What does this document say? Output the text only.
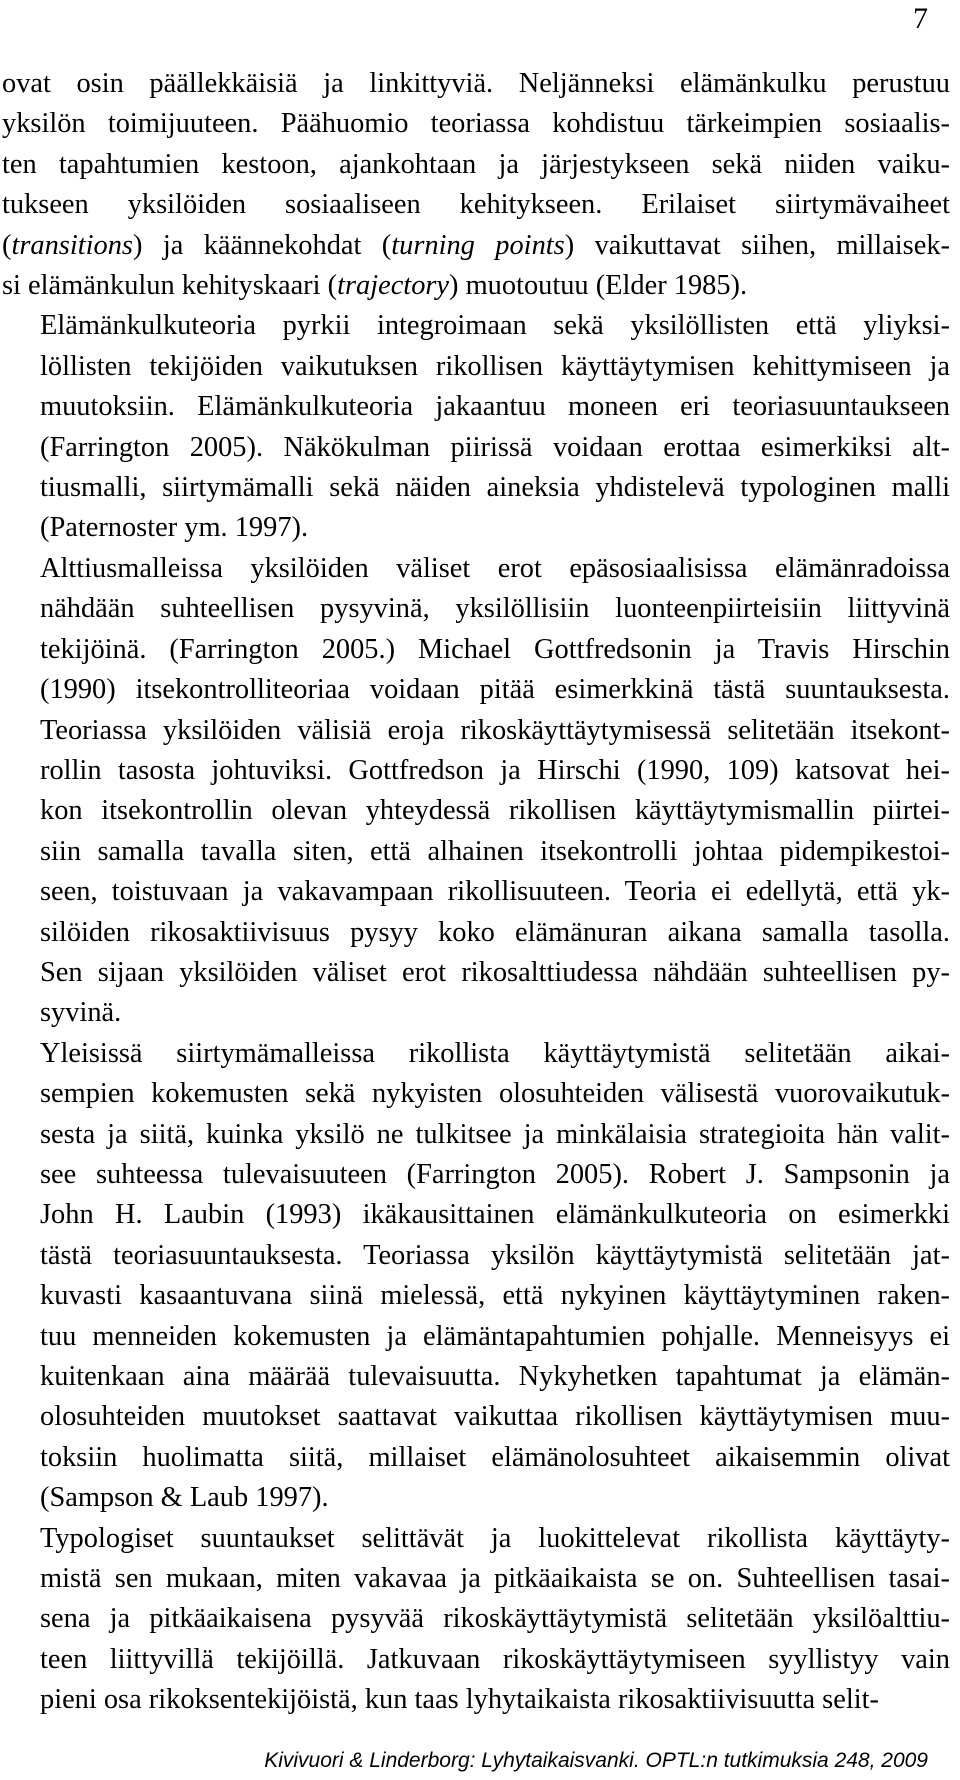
7

ovat osin päällekkäisiä ja linkittyviä. Neljänneksi elämänkulku perustuu
yksilön toimijuuteen. Päähuomio teoriassa kohdistuu tärkeimpien sosiaalis-
ten tapahtumien kestoon, ajankohtaan ja järjestykseen sekä niiden vaiku-
tukseen yksilöiden sosiaaliseen kehitykseen. Erilaiset siirtymävaiheet
(transitions) ja käännekohdat (turning points) vaikuttavat siihen, millaisek-
si elämänkulun kehityskaari (trajectory) muotoutuu (Elder 1985).

Elämänkulkuteoria pyrkii integroimaan sekä yksilöllisten että yliyksi-
löllisten tekijöiden vaikutuksen rikollisen käyttäytymisen kehittymiseen ja
muutoksiin. Elämänkulkuteoria jakaantuu moneen eri teoriasuuntaukseen
(Farrington 2005). Näkökulman piirissä voidaan erottaa esimerkiksi alt-
tiusmalli, siirtymämalli sekä näiden aineksia yhdistelevä typologinen malli
(Paternoster ym. 1997).

Alttiusmalleissa yksilöiden väliset erot epäsosiaalisissa elämänradoissa
nähdään suhteellisen pysyvinä, yksilöllisiin luonteenpiirteisiin liittyvinä
tekijöinä. (Farrington 2005.) Michael Gottfredsonin ja Travis Hirschin
(1990) itsekontrolliteoriaa voidaan pitää esimerkkinä tästä suuntauksesta.
Teoriassa yksilöiden välisiä eroja rikoskäyttäytymisessä selitetään itsekont-
rollin tasosta johtuviksi. Gottfredson ja Hirschi (1990, 109) katsovat hei-
kon itsekontrollin olevan yhteydessä rikollisen käyttäytymismallin piirtei-
siin samalla tavalla siten, että alhainen itsekontrolli johtaa pidempikestoi-
seen, toistuvaan ja vakavampaan rikollisuuteen. Teoria ei edellytä, että yk-
silöiden rikosaktiivisuus pysyy koko elämänuran aikana samalla tasolla.
Sen sijaan yksilöiden väliset erot rikosalttiudessa nähdään suhteellisen py-
syvinä.

Yleisissä siirtymämalleissa rikollista käyttäytymistä selitetään aikai-
sempien kokemusten sekä nykyisten olosuhteiden välisestä vuorovaikutuk-
sesta ja siitä, kuinka yksilö ne tulkitsee ja minkälaisia strategioita hän valit-
see suhteessa tulevaisuuteen (Farrington 2005). Robert J. Sampsonin ja
John H. Laubin (1993) ikäkausittainen elämänkulkuteoria on esimerkki
tästä teoriasuuntauksesta. Teoriassa yksilön käyttäytymistä selitetään jat-
kuvasti kasaantuvana siinä mielessä, että nykyinen käyttäytyminen raken-
tuu menneiden kokemusten ja elämäntapahtumien pohjalle. Menneisyys ei
kuitenkaan aina määrää tulevaisuutta. Nykyhetken tapahtumat ja elämän-
olosuhteiden muutokset saattavat vaikuttaa rikollisen käyttäytymisen muu-
toksiin huolimatta siitä, millaiset elämänolosuhteet aikaisemmin olivat
(Sampson & Laub 1997).

Typologiset suuntaukset selittävät ja luokittelevat rikollista käyttäyty-
mistä sen mukaan, miten vakavaa ja pitkäaikaista se on. Suhteellisen tasai-
sena ja pitkäaikaisena pysyvää rikoskäyttäytymistä selitetään yksilöalttiu-
teen liittyvillä tekijöillä. Jatkuvaan rikoskäyttäytymiseen syyllistyy vain
pieni osa rikoksentekijöistä, kun taas lyhytaikaista rikosaktiivisuutta selit-

Kivivuori & Linderborg: Lyhytaikaisvanki. OPTL:n tutkimuksia 248, 2009
